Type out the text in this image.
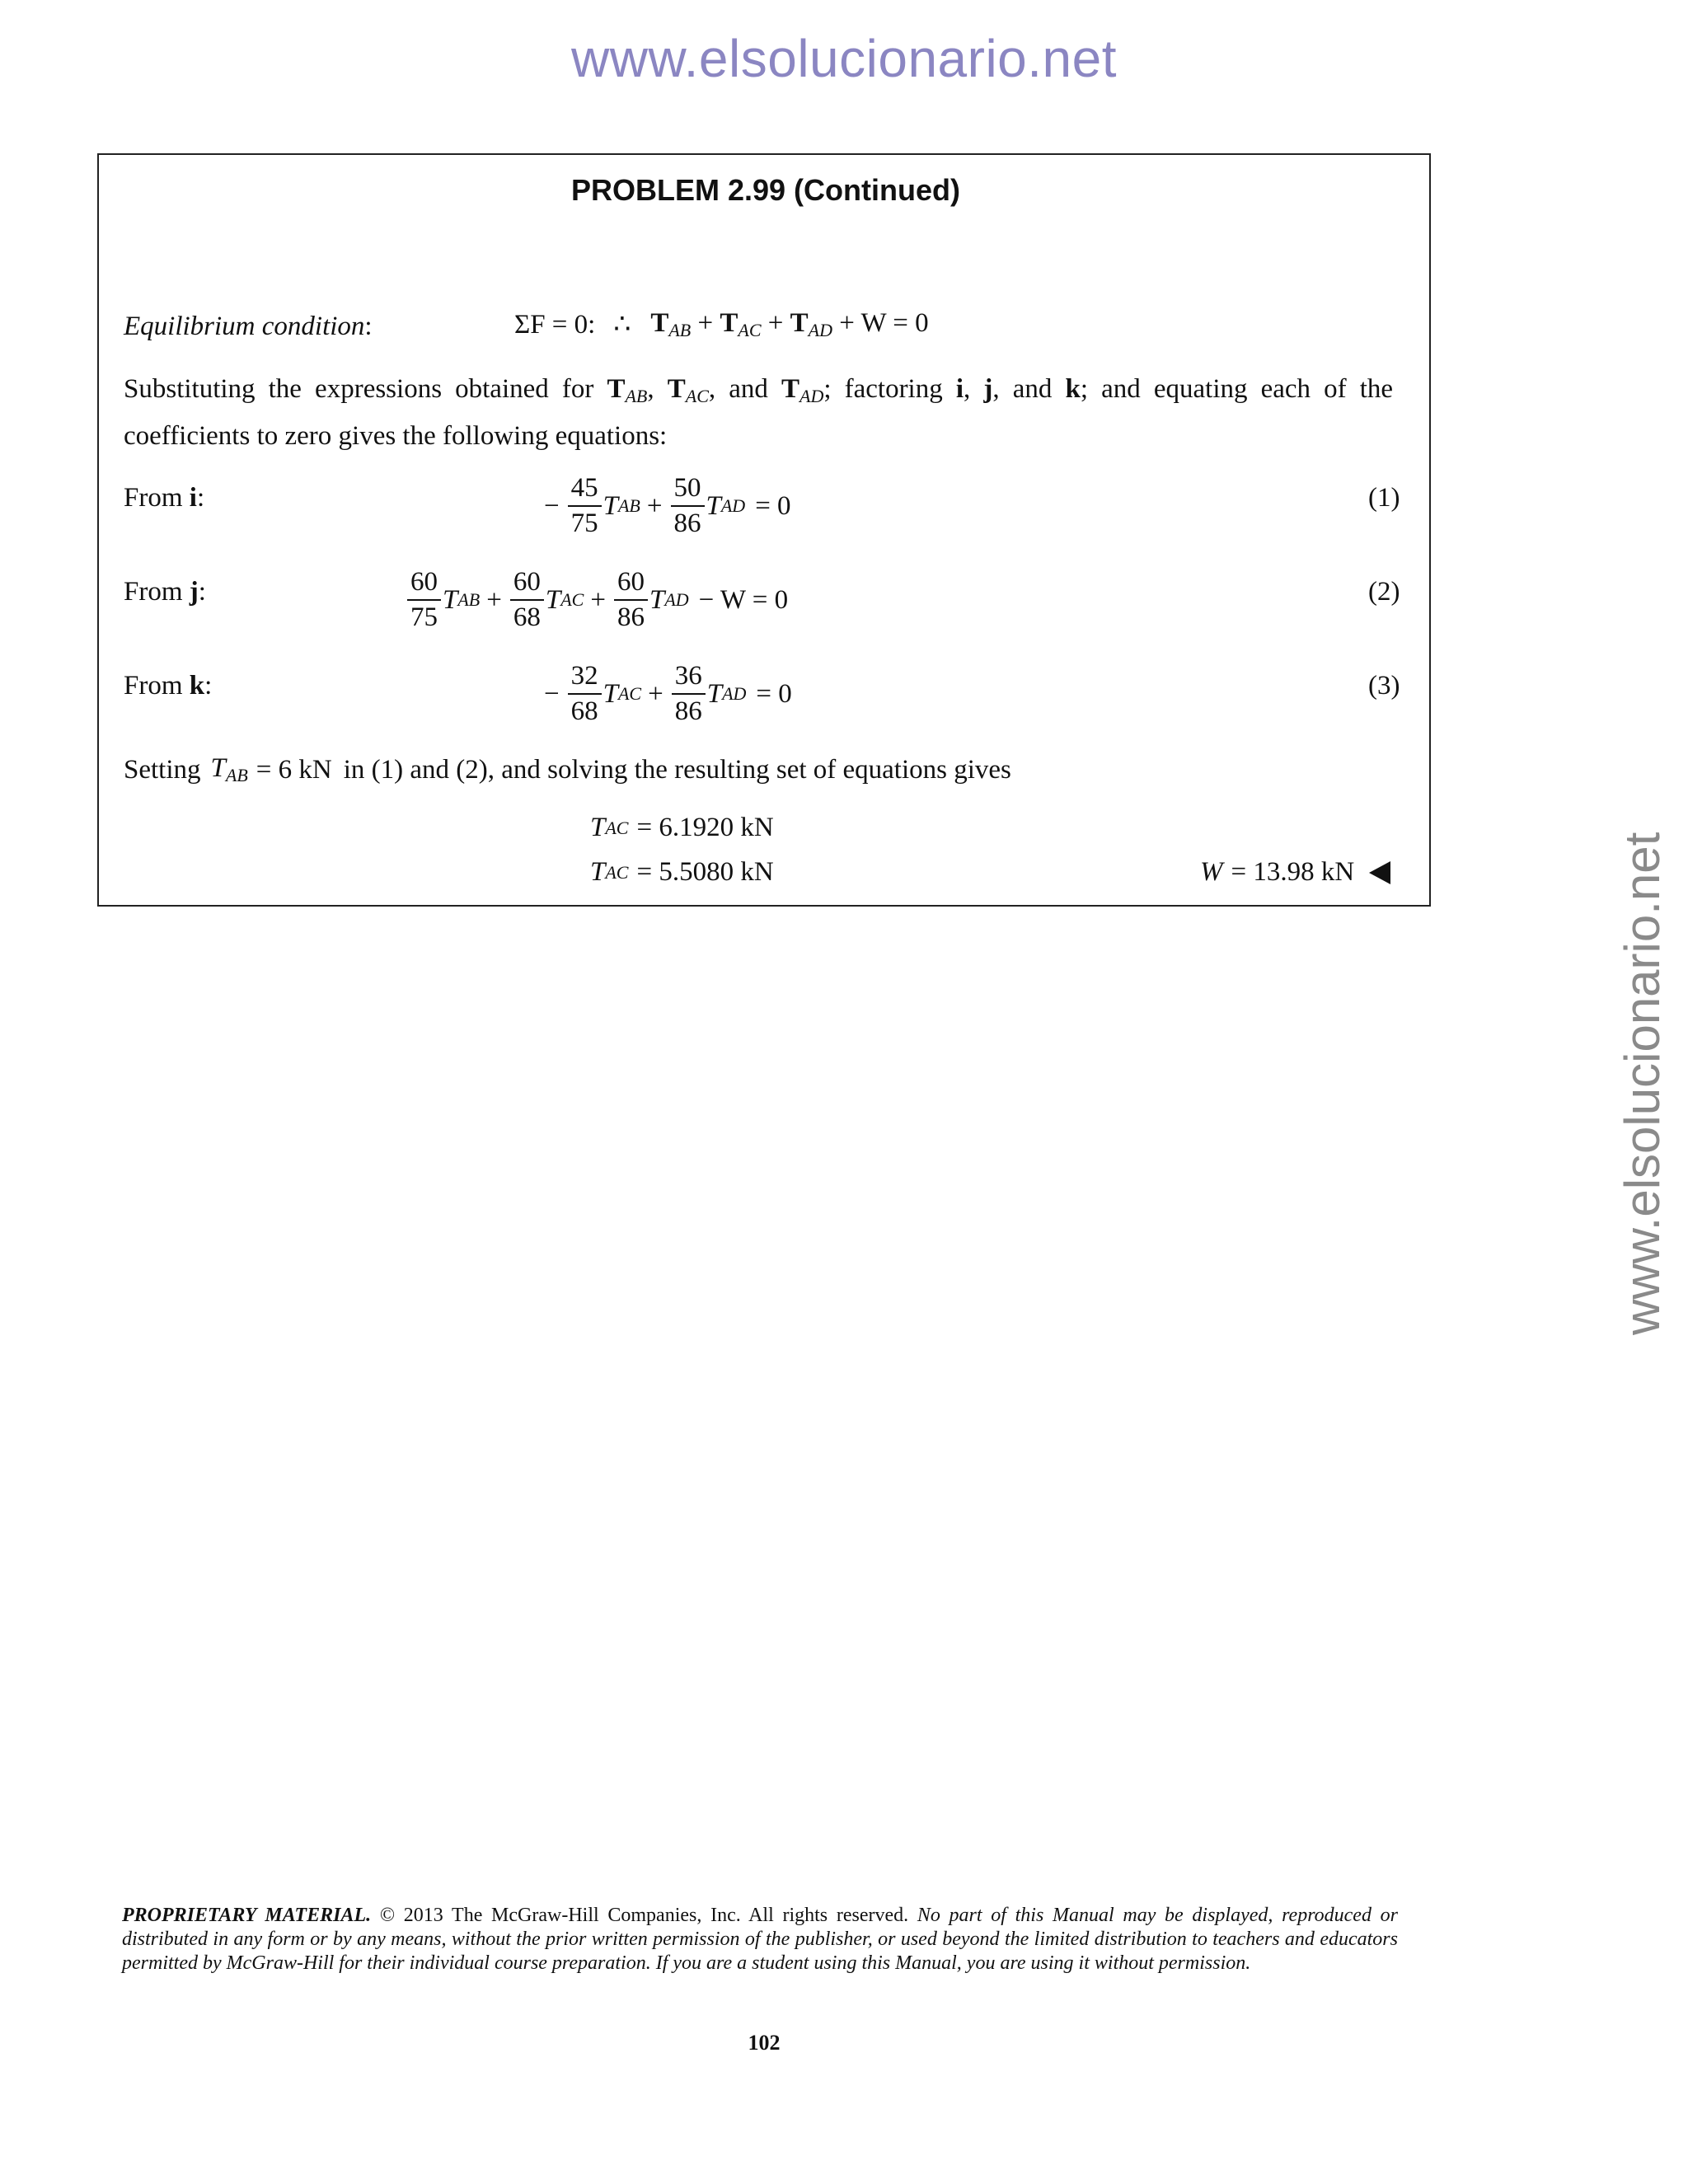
www.elsolucionario.net
www.elsolucionario.net
PROBLEM 2.99 (Continued)
Equilibrium condition:	ΣF = 0: ∴ $T_{AB} + T_{AC} + T_{AD} + W = 0$
Substituting the expressions obtained for $T_{AB}$, $T_{AC}$, and $T_{AD}$; factoring i, j, and k; and equating each of the coefficients to zero gives the following equations:
From i:	− $\frac{45}{75}$ T AB + $\frac{50}{86}$ T AD = 0	(1)
From j:	$\frac{60}{75}$ T AB + $\frac{60}{68}$ T AC + $\frac{60}{86}$ T AD − W = 0	(2)
From k:	− $\frac{32}{68}$ T AC + $\frac{36}{86}$ T AD = 0	(3)
Setting $T_{AB} = 6$ kN in (1) and (2), and solving the resulting set of equations gives
T AC = 6.1920 kN
T AC = 5.5080 kN	W = 13.98 kN
PROPRIETARY MATERIAL. © 2013 The McGraw-Hill Companies, Inc. All rights reserved. No part of this Manual may be displayed, reproduced or distributed in any form or by any means, without the prior written permission of the publisher, or used beyond the limited distribution to teachers and educators permitted by McGraw-Hill for their individual course preparation. If you are a student using this Manual, you are using it without permission.
102
